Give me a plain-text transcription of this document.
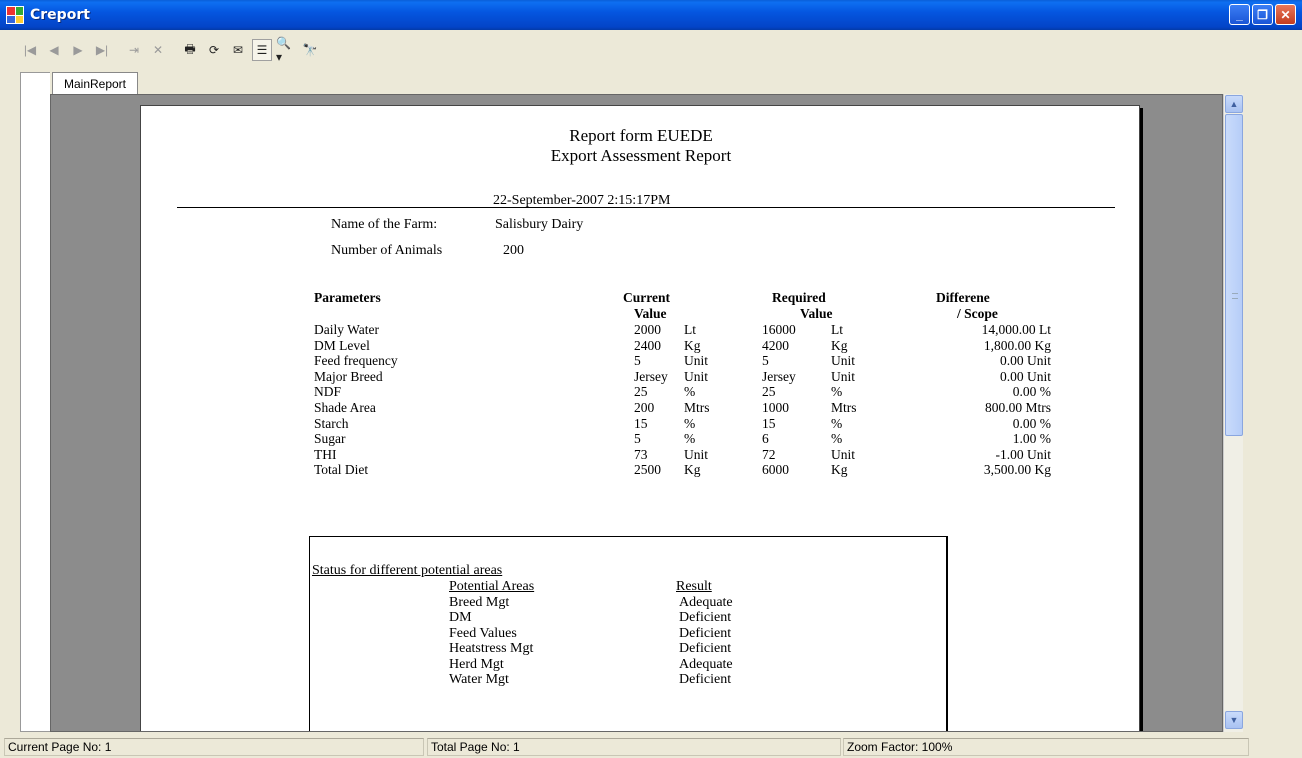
Creport	_	❐	✕
|◀	◀	▶	▶|	⇥	✕	🖶	⟳	✉	☰ 🔍▾	🔭
MainReport
Report form EUEDE
Export Assessment Report
22-September-2007 2:15:17PM
Name of the Farm:	Salisbury Dairy
Number of Animals	200
Parameters	Current
Value
Required
Value
Differene
/ Scope
Daily Water	2000 Lt	16000	Lt	14,000.00 Lt
DM Level	2400 Kg	4200	Kg	1,800.00 Kg
Feed frequency	5	Unit	5	Unit	0.00 Unit
Major Breed	Jersey Unit	Jersey	Unit	0.00 Unit
NDF	25	%	25	%	0.00 %
Shade Area	200 Mtrs	1000	Mtrs	800.00 Mtrs
Starch	15	%	15	%	0.00 %
Sugar	5	%	6	%	1.00 %
THI	73	Unit	72	Unit	-1.00 Unit
Total Diet	2500 Kg	6000	Kg	3,500.00 Kg
Status for different potential areas
Potential Areas	Result
Breed Mgt	Adequate
DM	Deficient
Feed Values	Deficient
Heatstress Mgt	Deficient
Herd Mgt	Adequate
Water Mgt	Deficient
▲
▼
Current Page No: 1	Total Page No: 1	Zoom Factor: 100%
